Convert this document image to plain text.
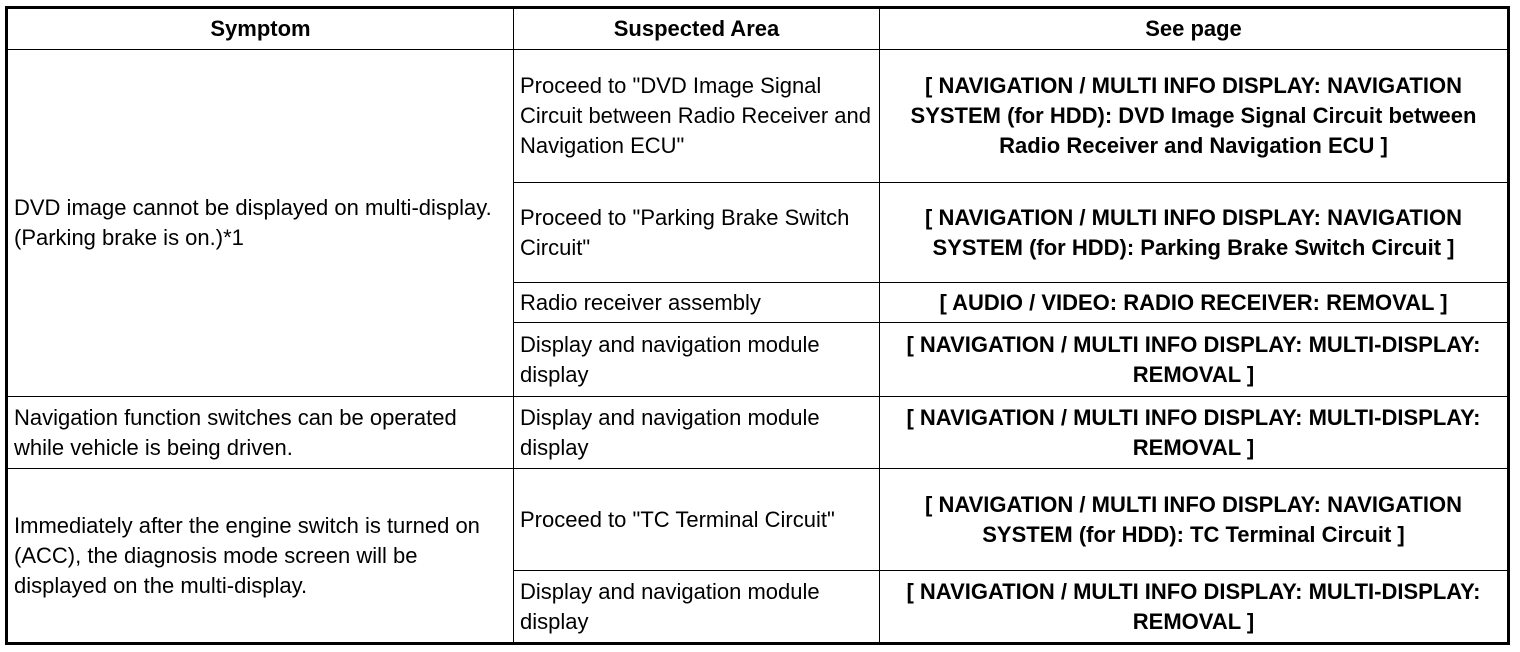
Symptom	Suspected Area	See page
DVD image cannot be displayed on multi-display. (Parking brake is on.)*1	Proceed to "DVD Image Signal Circuit between Radio Receiver and Navigation ECU"	[ NAVIGATION / MULTI INFO DISPLAY: NAVIGATION SYSTEM (for HDD): DVD Image Signal Circuit between Radio Receiver and Navigation ECU ]
	Proceed to "Parking Brake Switch Circuit"	[ NAVIGATION / MULTI INFO DISPLAY: NAVIGATION SYSTEM (for HDD): Parking Brake Switch Circuit ]
	Radio receiver assembly	[ AUDIO / VIDEO: RADIO RECEIVER: REMOVAL ]
	Display and navigation module display	[ NAVIGATION / MULTI INFO DISPLAY: MULTI-DISPLAY: REMOVAL ]
Navigation function switches can be operated while vehicle is being driven.	Display and navigation module display	[ NAVIGATION / MULTI INFO DISPLAY: MULTI-DISPLAY: REMOVAL ]
Immediately after the engine switch is turned on (ACC), the diagnosis mode screen will be displayed on the multi-display.	Proceed to "TC Terminal Circuit"	[ NAVIGATION / MULTI INFO DISPLAY: NAVIGATION SYSTEM (for HDD): TC Terminal Circuit ]
	Display and navigation module display	[ NAVIGATION / MULTI INFO DISPLAY: MULTI-DISPLAY: REMOVAL ]
